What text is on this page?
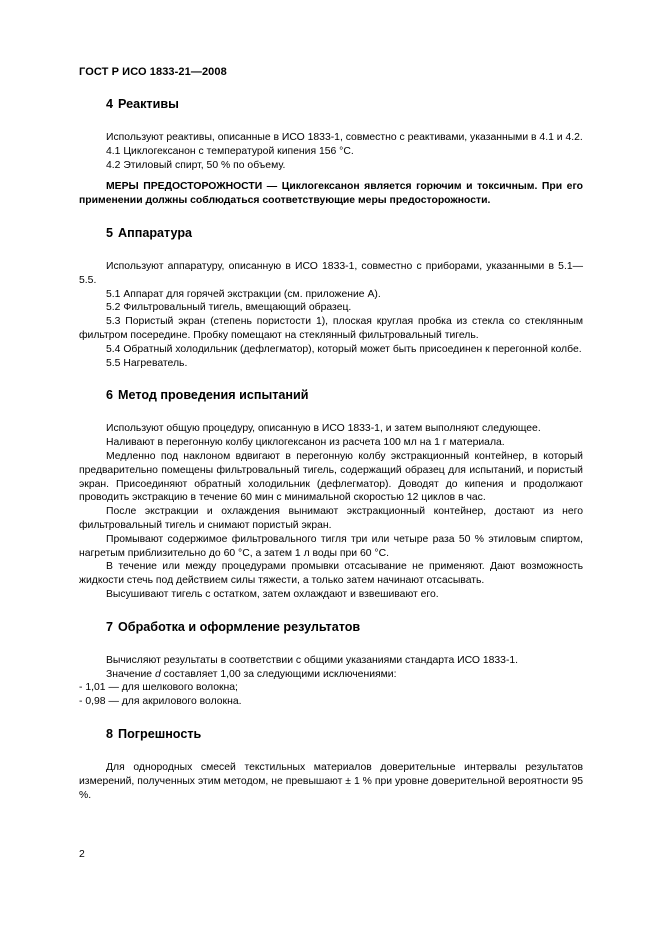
ГОСТ Р ИСО 1833-21—2008
4 Реактивы

Используют реактивы, описанные в ИСО 1833-1, совместно с реактивами, указанными в 4.1 и 4.2.

4.1 Циклогексанон с температурой кипения 156 °С.

4.2 Этиловый спирт, 50 % по объему.

МЕРЫ ПРЕДОСТОРОЖНОСТИ — Циклогексанон является горючим и токсичным. При его применении должны соблюдаться соответствующие меры предосторожности.

5 Аппаратура

Используют аппаратуру, описанную в ИСО 1833-1, совместно с приборами, указанными в 5.1— 5.5.

5.1 Аппарат для горячей экстракции (см. приложение А).

5.2 Фильтровальный тигель, вмещающий образец.

5.3 Пористый экран (степень пористости 1), плоская круглая пробка из стекла со стеклянным фильтром посередине. Пробку помещают на стеклянный фильтровальный тигель.

5.4 Обратный холодильник (дефлегматор), который может быть присоединен к перегонной колбе.

5.5 Нагреватель.

6 Метод проведения испытаний

Используют общую процедуру, описанную в ИСО 1833-1, и затем выполняют следующее.

Наливают в перегонную колбу циклогексанон из расчета 100 мл на 1 г материала.

Медленно под наклоном вдвигают в перегонную колбу экстракционный контейнер, в который предварительно помещены фильтровальный тигель, содержащий образец для испытаний, и пористый экран. Присоединяют обратный холодильник (дефлегматор). Доводят до кипения и продолжают проводить экстракцию в течение 60 мин с минимальной скоростью 12 циклов в час.

После экстракции и охлаждения вынимают экстракционный контейнер, достают из него фильтровальный тигель и снимают пористый экран.

Промывают содержимое фильтровального тигля три или четыре раза 50 % этиловым спиртом, нагретым приблизительно до 60 °С, а затем 1 л воды при 60 °С.

В течение или между процедурами промывки отсасывание не применяют. Дают возможность жидкости стечь под действием силы тяжести, а только затем начинают отсасывать.

Высушивают тигель с остатком, затем охлаждают и взвешивают его.

7 Обработка и оформление результатов

Вычисляют результаты в соответствии с общими указаниями стандарта ИСО 1833-1.

Значение d составляет 1,00 за следующими исключениями:

- 1,01 — для шелкового волокна;

- 0,98 — для акрилового волокна.

8 Погрешность

Для однородных смесей текстильных материалов доверительные интервалы результатов измерений, полученных этим методом, не превышают ± 1 % при уровне доверительной вероятности 95 %.

2
